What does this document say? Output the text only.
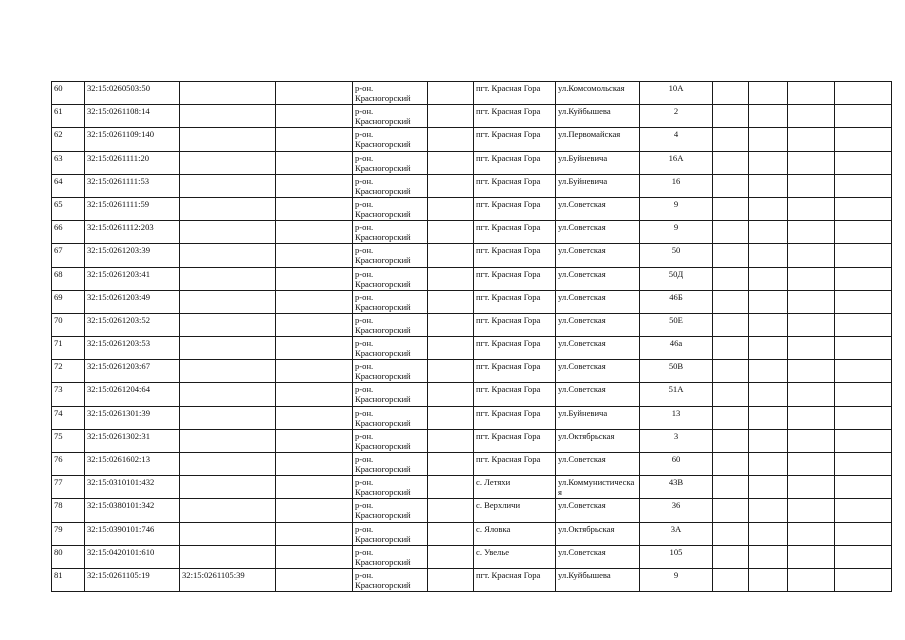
60	32:15:0260503:50			р-он.
Красногорский		пгт. Красная Гора	ул.Комсомольская	10А				
61	32:15:0261108:14			р-он.
Красногорский		пгт. Красная Гора	ул.Куйбышева	2				
62	32:15:0261109:140			р-он.
Красногорский		пгт. Красная Гора	ул.Первомайская	4				
63	32:15:0261111:20			р-он.
Красногорский		пгт. Красная Гора	ул.Буйневича	16А				
64	32:15:0261111:53			р-он.
Красногорский		пгт. Красная Гора	ул.Буйневича	16				
65	32:15:0261111:59			р-он.
Красногорский		пгт. Красная Гора	ул.Советская	9				
66	32:15:0261112:203			р-он.
Красногорский		пгт. Красная Гора	ул.Советская	9				
67	32:15:0261203:39			р-он.
Красногорский		пгт. Красная Гора	ул.Советская	50				
68	32:15:0261203:41			р-он.
Красногорский		пгт. Красная Гора	ул.Советская	50Д				
69	32:15:0261203:49			р-он.
Красногорский		пгт. Красная Гора	ул.Советская	46Б				
70	32:15:0261203:52			р-он.
Красногорский		пгт. Красная Гора	ул.Советская	50Е				
71	32:15:0261203:53			р-он.
Красногорский		пгт. Красная Гора	ул.Советская	46а				
72	32:15:0261203:67			р-он.
Красногорский		пгт. Красная Гора	ул.Советская	50В				
73	32:15:0261204:64			р-он.
Красногорский		пгт. Красная Гора	ул.Советская	51А				
74	32:15:0261301:39			р-он.
Красногорский		пгт. Красная Гора	ул.Буйневича	13				
75	32:15:0261302:31			р-он.
Красногорский		пгт. Красная Гора	ул.Октябрьская	3				
76	32:15:0261602:13			р-он.
Красногорский		пгт. Красная Гора	ул.Советская	60				
77	32:15:0310101:432			р-он.
Красногорский		с. Летяхи	ул.Коммунистическая	43В				
78	32:15:0380101:342			р-он.
Красногорский		с. Верхличи	ул.Советская	36				
79	32:15:0390101:746			р-он.
Красногорский		с. Яловка	ул.Октябрьская	3А				
80	32:15:0420101:610			р-он.
Красногорский		с. Увелье	ул.Советская	105				
81	32:15:0261105:19	32:15:0261105:39		р-он.
Красногорский		пгт. Красная Гора	ул.Куйбышева	9				
